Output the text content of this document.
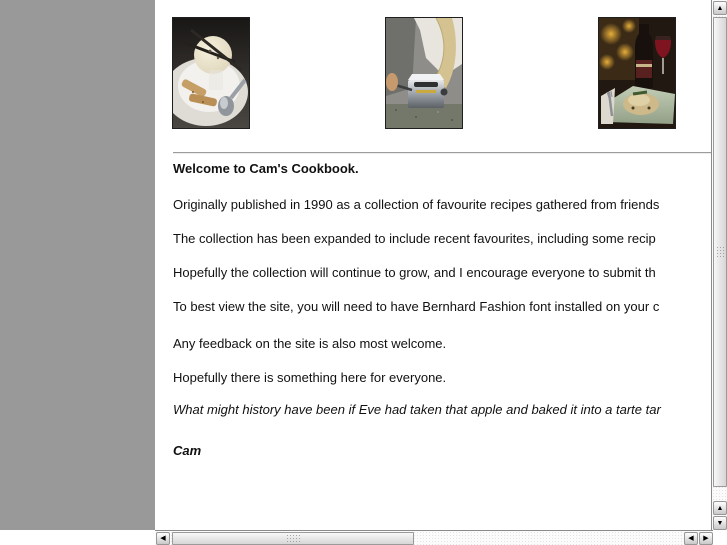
Welcome to Cam's Cookbook.
Originally published in 1990 as a collection of favourite recipes gathered from friends
The collection has been expanded to include recent favourites, including some recip
Hopefully the collection will continue to grow, and I encourage everyone to submit th
To best view the site, you will need to have Bernhard Fashion font installed on your c
Any feedback on the site is also most welcome.
Hopefully there is something here for everyone.
What might history have been if Eve had taken that apple and baked it into a tarte tar
Cam
▲
▲
▼
◀	◀ ▶
